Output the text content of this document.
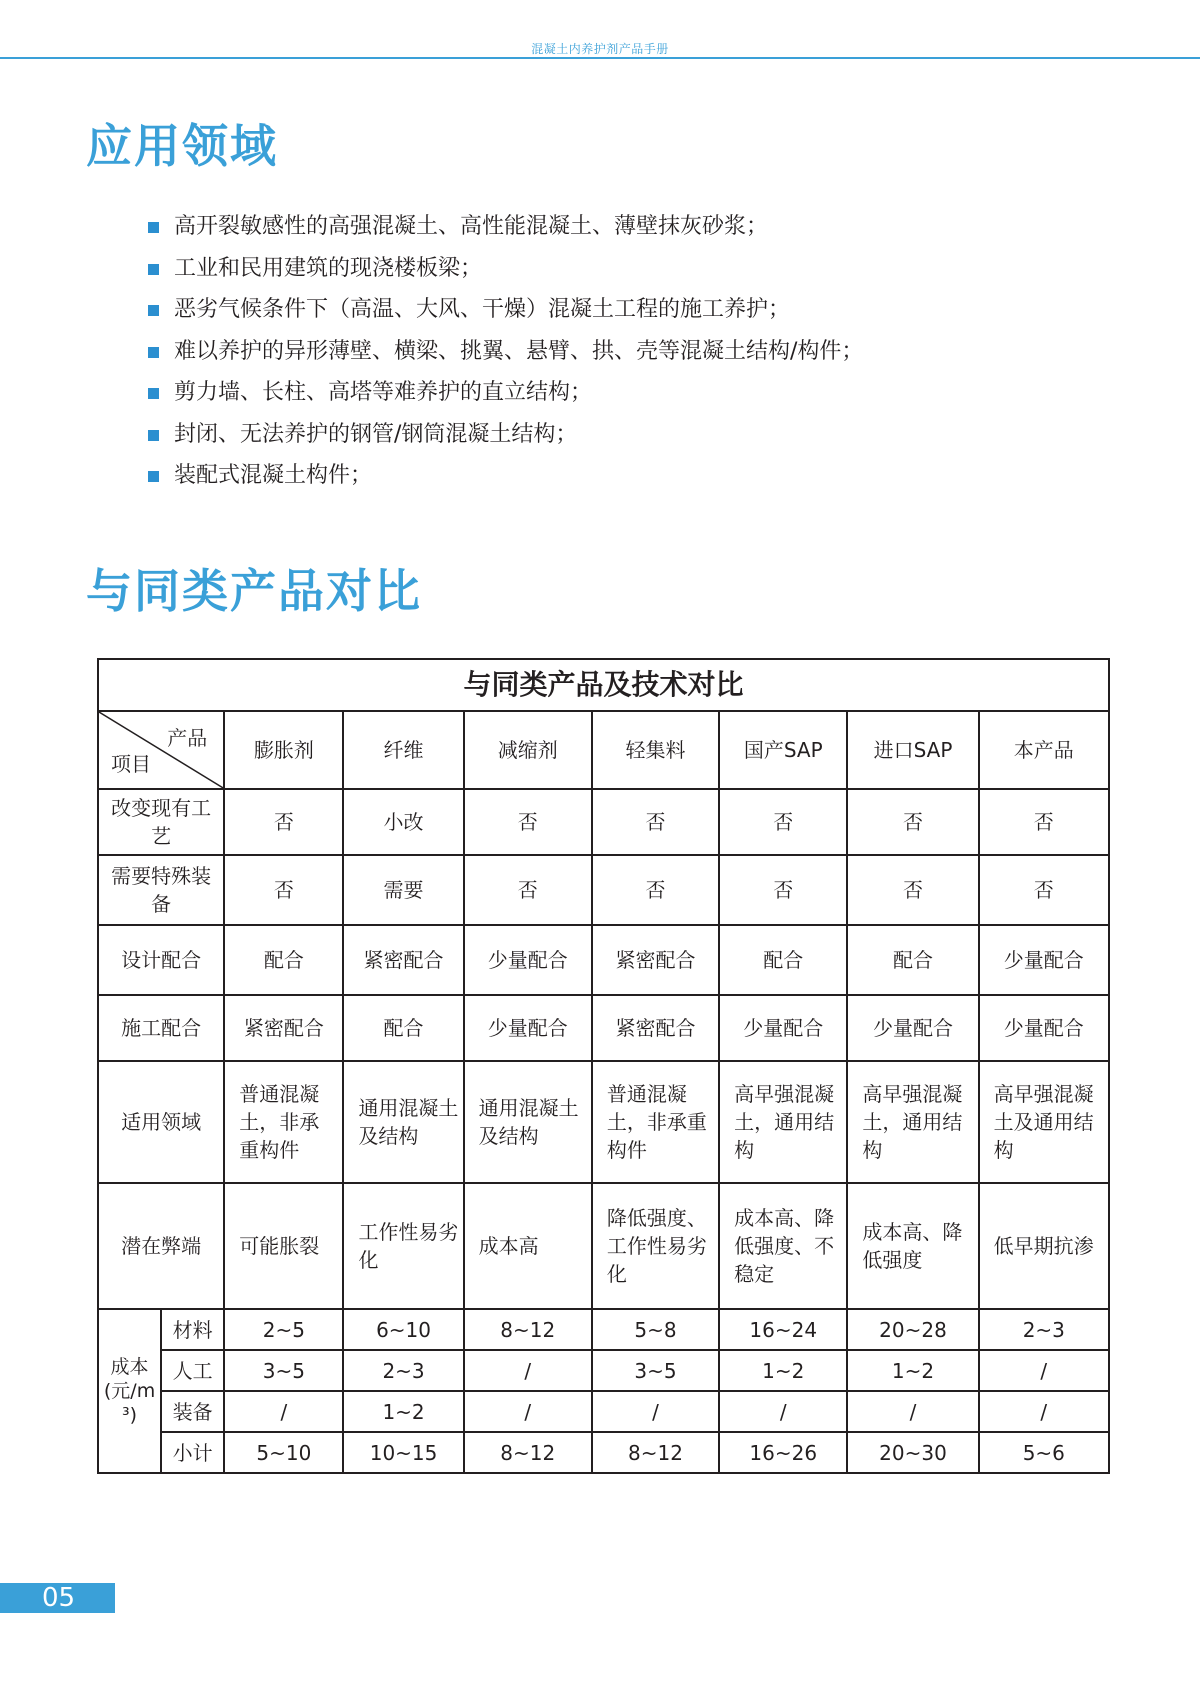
混凝土内养护剂产品手册
应用领域
高开裂敏感性的高强混凝土、高性能混凝土、薄壁抹灰砂浆；
工业和民用建筑的现浇楼板梁；
恶劣气候条件下（高温、大风、干燥）混凝土工程的施工养护；
难以养护的异形薄壁、横梁、挑翼、悬臂、拱、壳等混凝土结构/构件；
剪力墙、长柱、高塔等难养护的直立结构；
封闭、无法养护的钢管/钢筒混凝土结构；
装配式混凝土构件；
与同类产品对比
与同类产品及技术对比								

产品
项目		膨胀剂	纤维	减缩剂	轻集料	国产SAP	进口SAP	本产品
改变现有工艺		否	小改	否	否	否	否	否
需要特殊装备		否	需要	否	否	否	否	否
设计配合		配合	紧密配合	少量配合	紧密配合	配合	配合	少量配合
施工配合		紧密配合	配合	少量配合	紧密配合	少量配合	少量配合	少量配合
适用领域		普通混凝土，非承重构件	通用混凝土及结构	通用混凝土及结构	普通混凝土，非承重构件	高早强混凝土，通用结构	高早强混凝土，通用结构	高早强混凝土及通用结构
潜在弊端		可能胀裂	工作性易劣化	成本高	降低强度、工作性易劣化	成本高、降低强度、不稳定	成本高、降低强度	低早期抗渗
成本(元/m³)	材料	2~5	6~10	8~12	5~8	16~24	20~28	2~3
	人工	3~5	2~3	/	3~5	1~2	1~2	/
	装备	/	1~2	/	/	/	/	/
	小计	5~10	10~15	8~12	8~12	16~26	20~30	5~6
05
